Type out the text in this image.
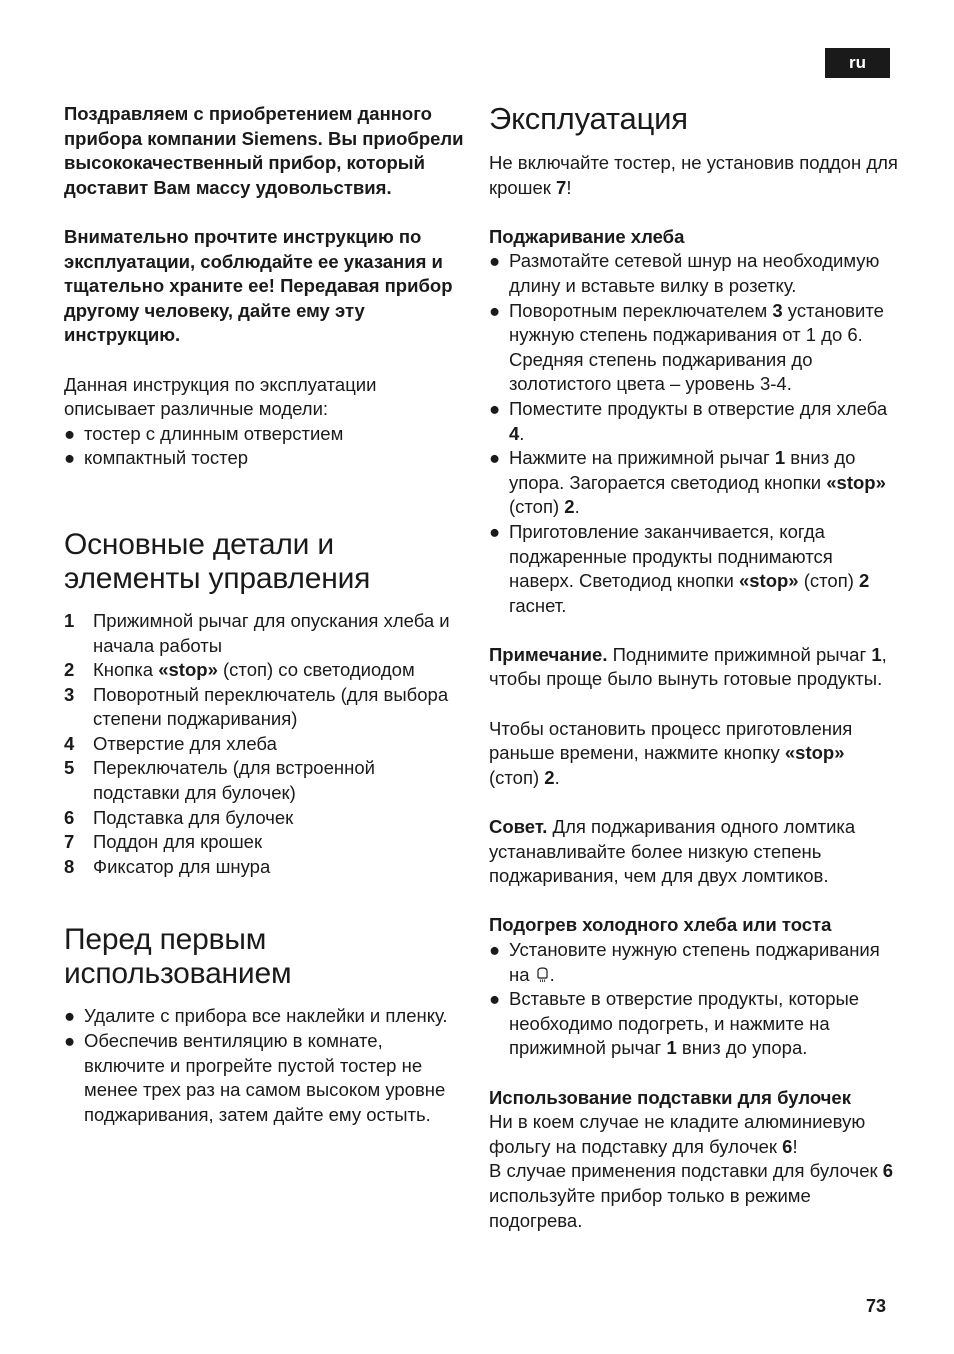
ru

Поздравляем с приобретением данного прибора компании Siemens. Вы приобрели высококачественный прибор, который доставит Вам массу удовольствия.

Внимательно прочтите инструкцию по эксплуатации, соблюдайте ее указания и тщательно храните ее! Передавая прибор другому человеку, дайте ему эту инструкцию.

Данная инструкция по эксплуатации описывает различные модели:

● тостер с длинным отверстием
● компактный тостер
Основные детали и элементы управления
1 Прижимной рычаг для опускания хлеба и начала работы
2 Кнопка «stop» (стоп) со светодиодом
3 Поворотный переключатель (для выбора степени поджаривания)
4 Отверстие для хлеба
5 Переключатель (для встроенной подставки для булочек)
6 Подставка для булочек
7 Поддон для крошек
8 Фиксатор для шнура
Перед первым использованием
● Удалите с прибора все наклейки и пленку.
● Обеспечив вентиляцию в комнате, включите и прогрейте пустой тостер не менее трех раз на самом высоком уровне поджаривания, затем дайте ему остыть.
Эксплуатация

Не включайте тостер, не установив поддон для крошек 7!

Поджаривание хлеба

● Размотайте сетевой шнур на необходимую длину и вставьте вилку в розетку.
● Поворотным переключателем 3 установите нужную степень поджаривания от 1 до 6. Средняя степень поджаривания до золотистого цвета – уровень 3-4.
● Поместите продукты в отверстие для хлеба 4.
● Нажмите на прижимной рычаг 1 вниз до упора. Загорается светодиод кнопки «stop» (стоп) 2.
● Приготовление заканчивается, когда поджаренные продукты поднимаются наверх. Светодиод кнопки «stop» (стоп) 2 гаснет.

Примечание. Поднимите прижимной рычаг 1, чтобы проще было вынуть готовые продукты.

Чтобы остановить процесс приготовления раньше времени, нажмите кнопку «stop» (стоп) 2.

Совет. Для поджаривания одного ломтика устанавливайте более низкую степень поджаривания, чем для двух ломтиков.

Подогрев холодного хлеба или тоста

● Установите нужную степень поджаривания на .
● Вставьте в отверстие продукты, которые необходимо подогреть, и нажмите на прижимной рычаг 1 вниз до упора.

Использование подставки для булочек

Ни в коем случае не кладите алюминиевую фольгу на подставку для булочек 6!

В случае применения подставки для булочек 6 используйте прибор только в режиме подогрева.

73
